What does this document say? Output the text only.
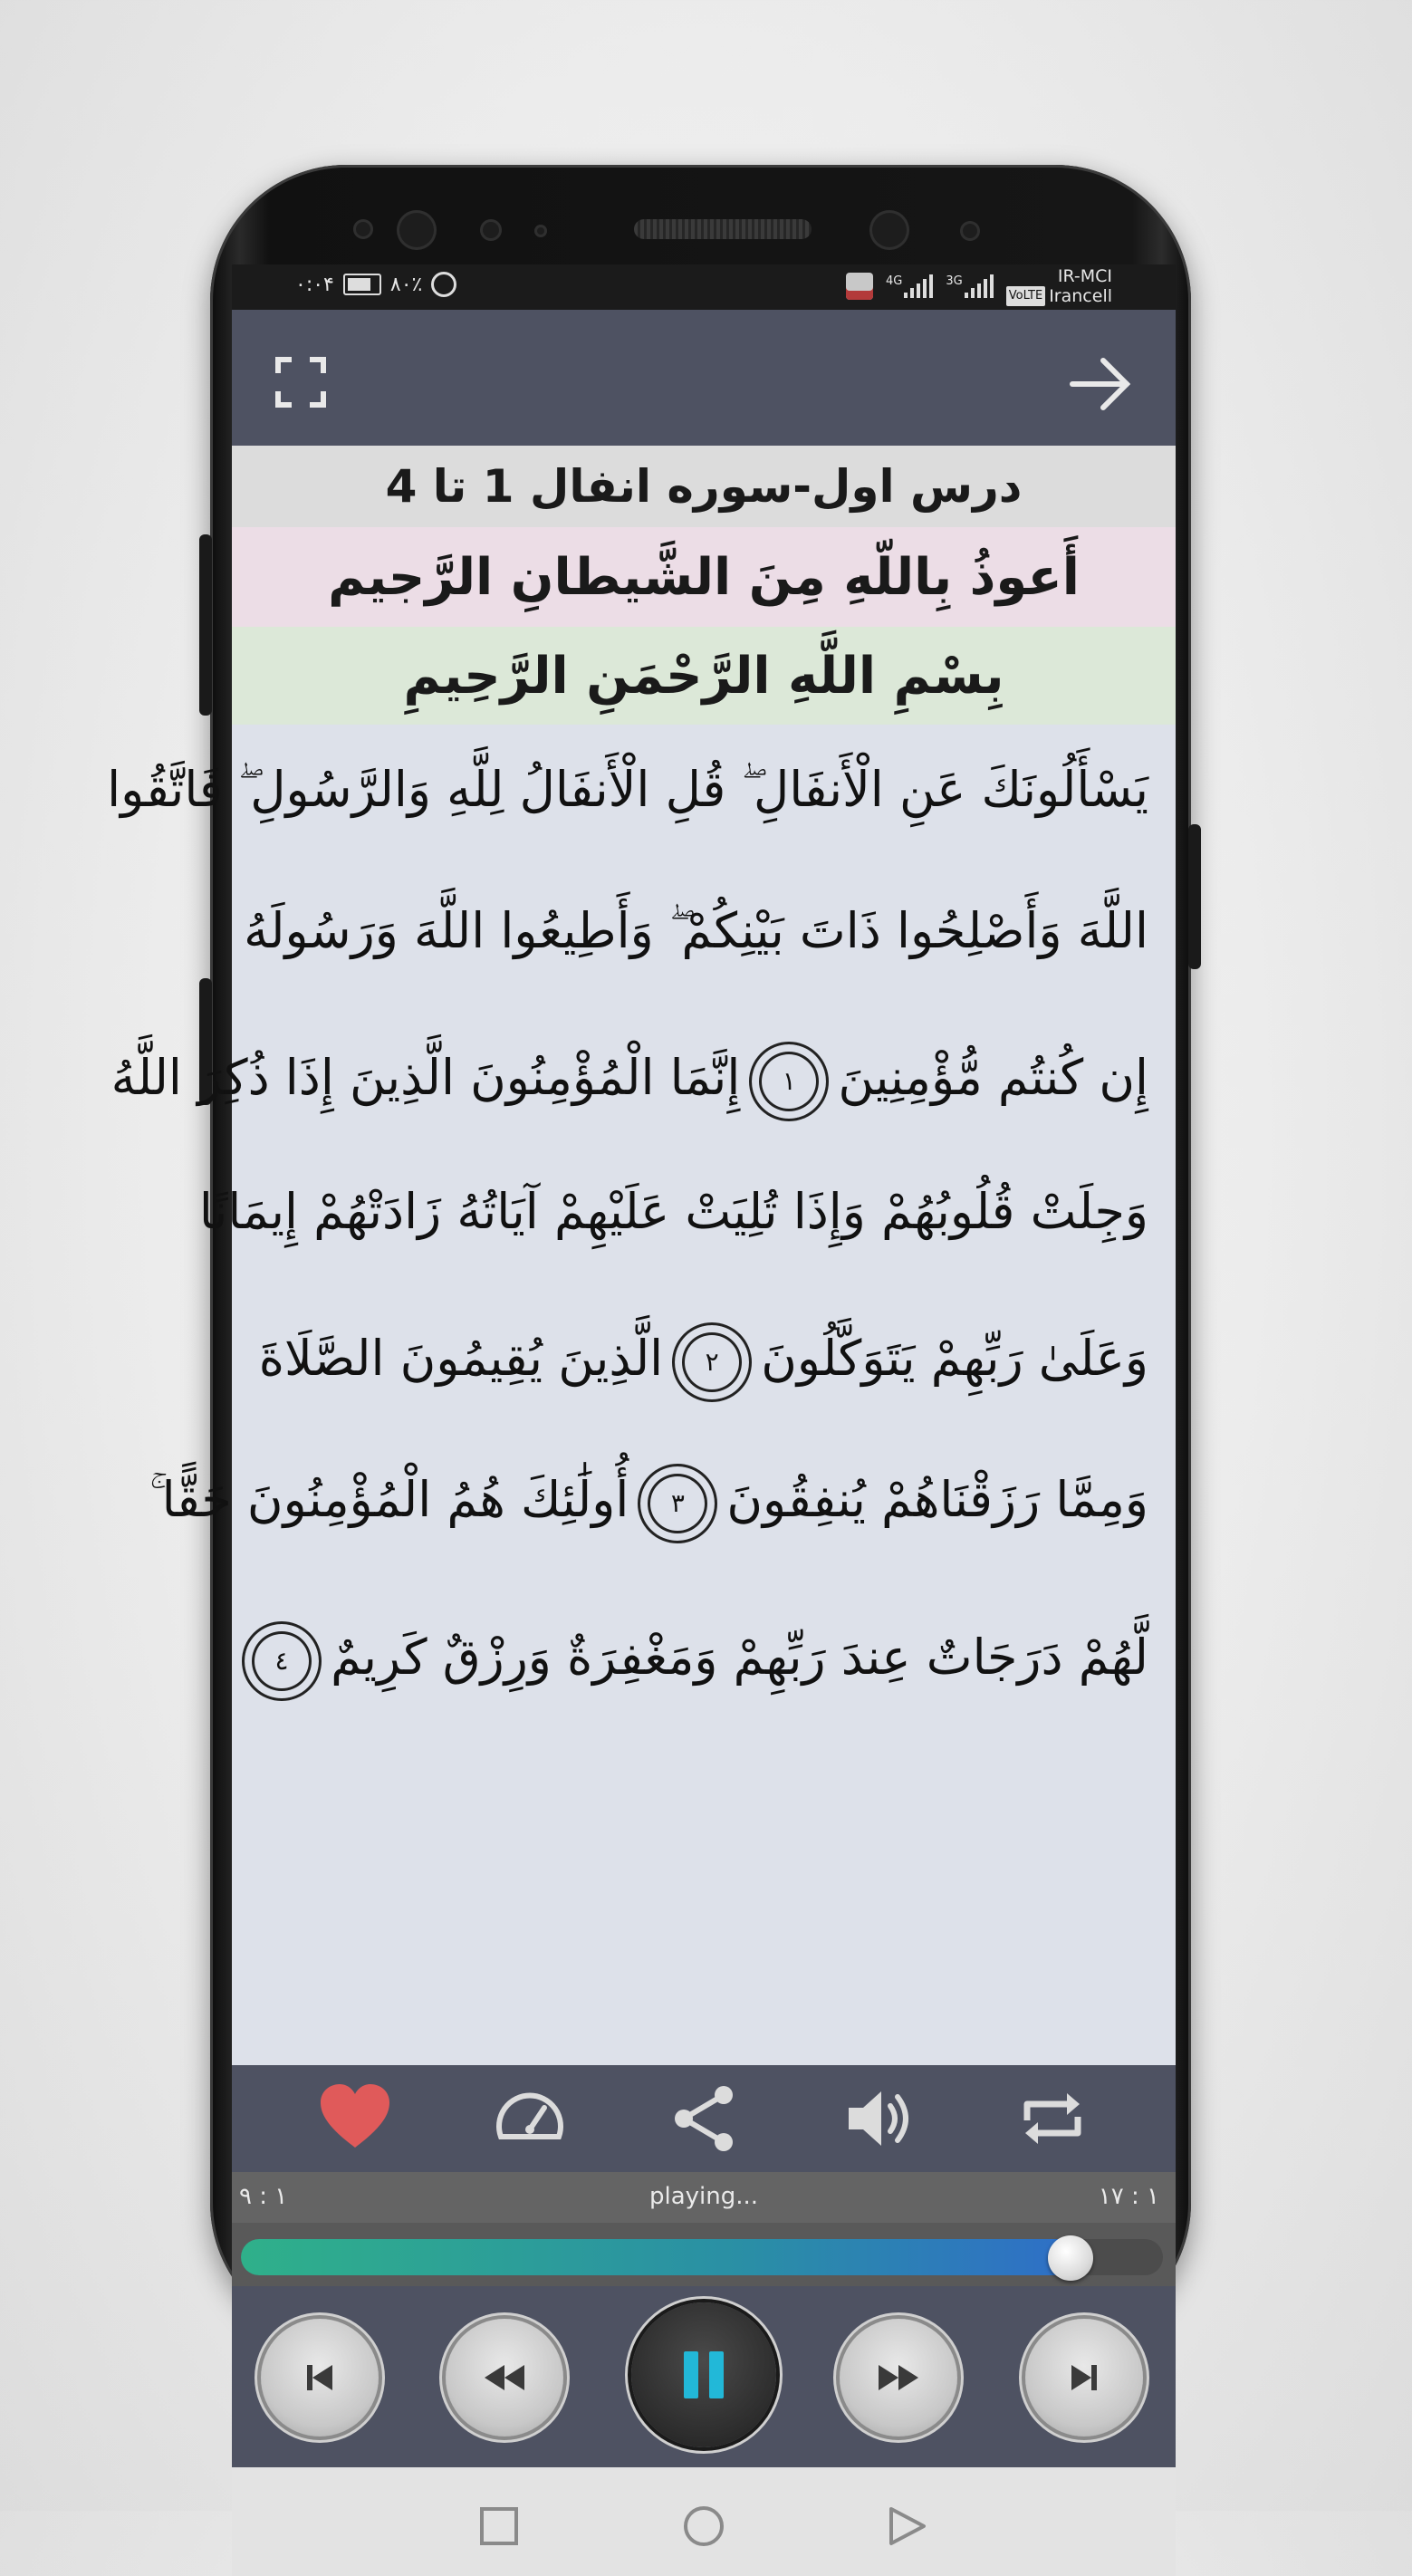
۰:۰۴	۸۰٪	4G	3G	IR-MCI
VoLTE Irancell
درس اول-سوره انفال 1 تا 4
أَعوذُ بِاللّهِ مِنَ الشَّيطانِ الرَّجيم
بِسْمِ اللَّهِ الرَّحْمَنِ الرَّحِيمِ
يَسْأَلُونَكَ عَنِ الْأَنفَالِ ۖ قُلِ الْأَنفَالُ لِلَّهِ وَالرَّسُولِ ۖ فَاتَّقُوا
اللَّهَ وَأَصْلِحُوا ذَاتَ بَيْنِكُمْ ۖ وَأَطِيعُوا اللَّهَ وَرَسُولَهُ
إِن كُنتُم مُّؤْمِنِينَ١إِنَّمَا الْمُؤْمِنُونَ الَّذِينَ إِذَا ذُكِرَ اللَّهُ
وَجِلَتْ قُلُوبُهُمْ وَإِذَا تُلِيَتْ عَلَيْهِمْ آيَاتُهُ زَادَتْهُمْ إِيمَانًا
وَعَلَىٰ رَبِّهِمْ يَتَوَكَّلُونَ٢الَّذِينَ يُقِيمُونَ الصَّلَاةَ
وَمِمَّا رَزَقْنَاهُمْ يُنفِقُونَ٣أُولَٰئِكَ هُمُ الْمُؤْمِنُونَ حَقًّا ۚ
لَّهُمْ دَرَجَاتٌ عِندَ رَبِّهِمْ وَمَغْفِرَةٌ وَرِزْقٌ كَرِيمٌ٤
١ : ٩	playing...	١ : ١٧
